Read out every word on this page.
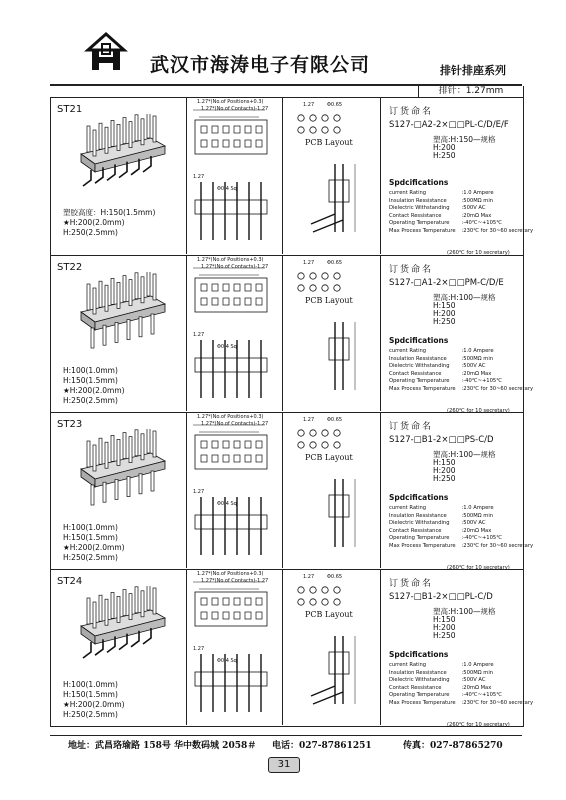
武汉市海涛电子有限公司	排针排座系列
排针：1.27mm
ST21
塑胶高度：H:150(1.5mm)
★H:200(2.0mm)
H:250(2.5mm)
1.27*(No.of Positions+0.3)
1.27*(No.of Contacts)-1.27
1.27
Φ0.4 Sq
1.27	Φ0.65
PCB Layout
订货命名
S127-□A2-2×□□PL-C/D/E/F
塑高:H:150—规格
H:200
H:250
Spdcifications
current Rating	:1.0 Ampere
Insulation Ressistance	:500MΩ min
Dielectric Withstanding	:500V AC
Contact Ressistance	:20mΩ Max
Operating Temperature	:-40℃~+105℃
Max Process Temperature	:230℃ for 30~60 secretary
(260℃ for 10 secretary)
ST22
H:100(1.0mm)
H:150(1.5mm)
★H:200(2.0mm)
H:250(2.5mm)
1.27*(No.of Positions+0.3)
1.27*(No.of Contacts)-1.27
1.27
Φ0.4 Sq
1.27	Φ0.65
PCB Layout
订货命名
S127-□A1-2×□□PM-C/D/E
塑高:H:100—规格
H:150
H:200
H:250
Spdcifications
current Rating	:1.0 Ampere
Insulation Ressistance	:500MΩ min
Dielectric Withstanding	:500V AC
Contact Ressistance	:20mΩ Max
Operating Temperature	:-40℃~+105℃
Max Process Temperature	:230℃ for 30~60 secretary
(260℃ for 10 secretary)
ST23
H:100(1.0mm)
H:150(1.5mm)
★H:200(2.0mm)
H:250(2.5mm)
1.27*(No.of Positions+0.3)
1.27*(No.of Contacts)-1.27
1.27
Φ0.4 Sq
1.27	Φ0.65
PCB Layout
订货命名
S127-□B1-2×□□PS-C/D
塑高:H:100—规格
H:150
H:200
H:250
Spdcifications
current Rating	:1.0 Ampere
Insulation Ressistance	:500MΩ min
Dielectric Withstanding	:500V AC
Contact Ressistance	:20mΩ Max
Operating Temperature	:-40℃~+105℃
Max Process Temperature	:230℃ for 30~60 secretary
(260℃ for 10 secretary)
ST24
H:100(1.0mm)
H:150(1.5mm)
★H:200(2.0mm)
H:250(2.5mm)
1.27*(No.of Positions+0.3)
1.27*(No.of Contacts)-1.27
1.27
Φ0.4 Sq
1.27	Φ0.65
PCB Layout
订货命名
S127-□B1-2×□□PL-C/D
塑高:H:100—规格
H:150
H:200
H:250
Spdcifications
current Rating	:1.0 Ampere
Insulation Ressistance	:500MΩ min
Dielectric Withstanding	:500V AC
Contact Ressistance	:20mΩ Max
Operating Temperature	:-40℃~+105℃
Max Process Temperature	:230℃ for 30~60 secretary
(260℃ for 10 secretary)
地址：武昌珞瑜路 158号 华中数码城 2058＃ 电话：027-87861251	传真：027-87865270
31
